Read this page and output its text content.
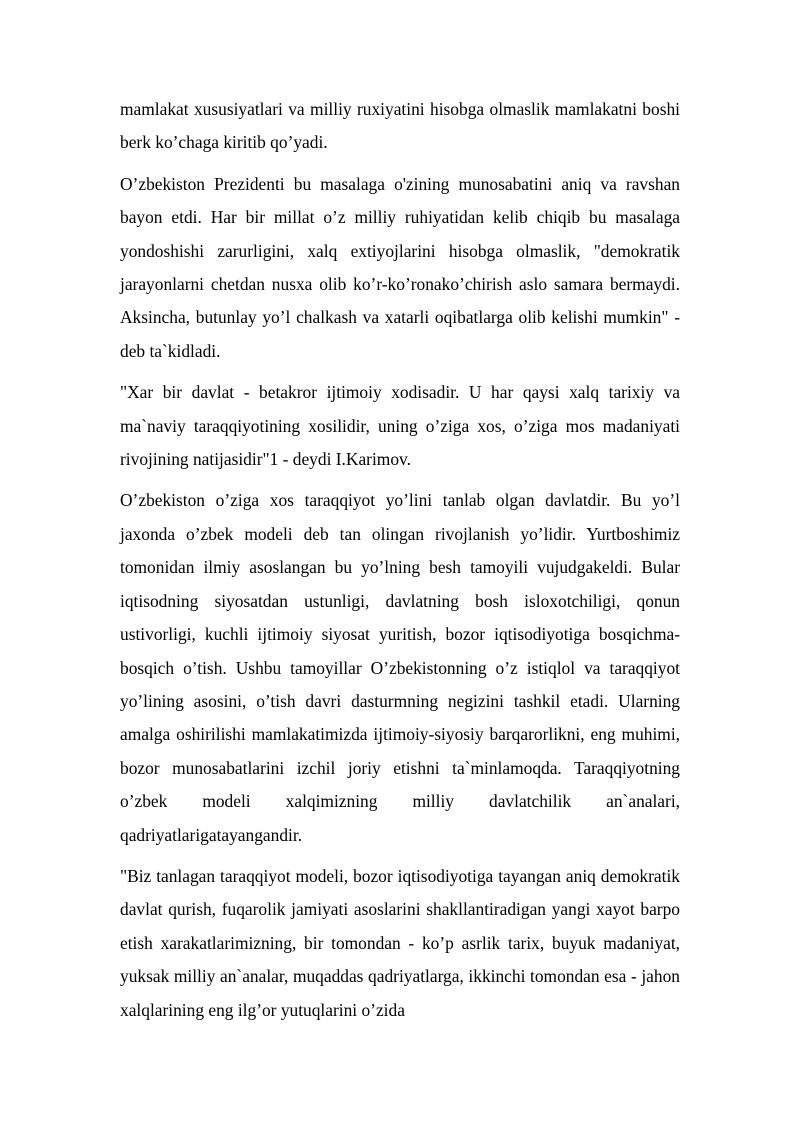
mamlakat xususiyatlari va milliy ruxiyatini hisobga olmaslik mamlakatni boshi berk ko’chaga kiritib qo’yadi.

O’zbekiston Prezidenti bu masalaga o'zining munosabatini aniq va ravshan bayon etdi. Har bir millat o’z milliy ruhiyatidan kelib chiqib bu masalaga yondoshishi zarurligini, xalq extiyojlarini hisobga olmaslik, "demokratik jarayonlarni chetdan nusxa olib ko’r-ko’ronako’chirish aslo samara bermaydi. Aksincha, butunlay yo’l chalkash va xatarli oqibatlarga olib kelishi mumkin" - deb ta`kidladi.

"Xar bir davlat - betakror ijtimoiy xodisadir. U har qaysi xalq tarixiy va ma`naviy taraqqiyotining xosilidir, uning o’ziga xos, o’ziga mos madaniyati rivojining natijasidir"1 - deydi I.Karimov.

O’zbekiston o’ziga xos taraqqiyot yo’lini tanlab olgan davlatdir. Bu yo’l jaxonda o’zbek modeli deb tan olingan rivojlanish yo’lidir. Yurtboshimiz tomonidan ilmiy asoslangan bu yo’lning besh tamoyili vujudgakeldi. Bular iqtisodning siyosatdan ustunligi, davlatning bosh isloxotchiligi, qonun ustivorligi, kuchli ijtimoiy siyosat yuritish, bozor iqtisodiyotiga bosqichma-bosqich o’tish. Ushbu tamoyillar O’zbekistonning o’z istiqlol va taraqqiyot yo’lining asosini, o’tish davri dasturmning negizini tashkil etadi. Ularning amalga oshirilishi mamlakatimizda ijtimoiy-siyosiy barqarorlikni, eng muhimi, bozor munosabatlarini izchil joriy etishni ta`minlamoqda. Taraqqiyotning o’zbek modeli xalqimizning milliy davlatchilik an`analari, qadriyatlarigatayangandir.

"Biz tanlagan taraqqiyot modeli, bozor iqtisodiyotiga tayangan aniq demokratik davlat qurish, fuqarolik jamiyati asoslarini shakllantiradigan yangi xayot barpo etish xarakatlarimizning, bir tomondan - ko’p asrlik tarix, buyuk madaniyat, yuksak milliy an`analar, muqaddas qadriyatlarga, ikkinchi tomondan esa - jahon xalqlarining eng ilg’or yutuqlarini o’zida
